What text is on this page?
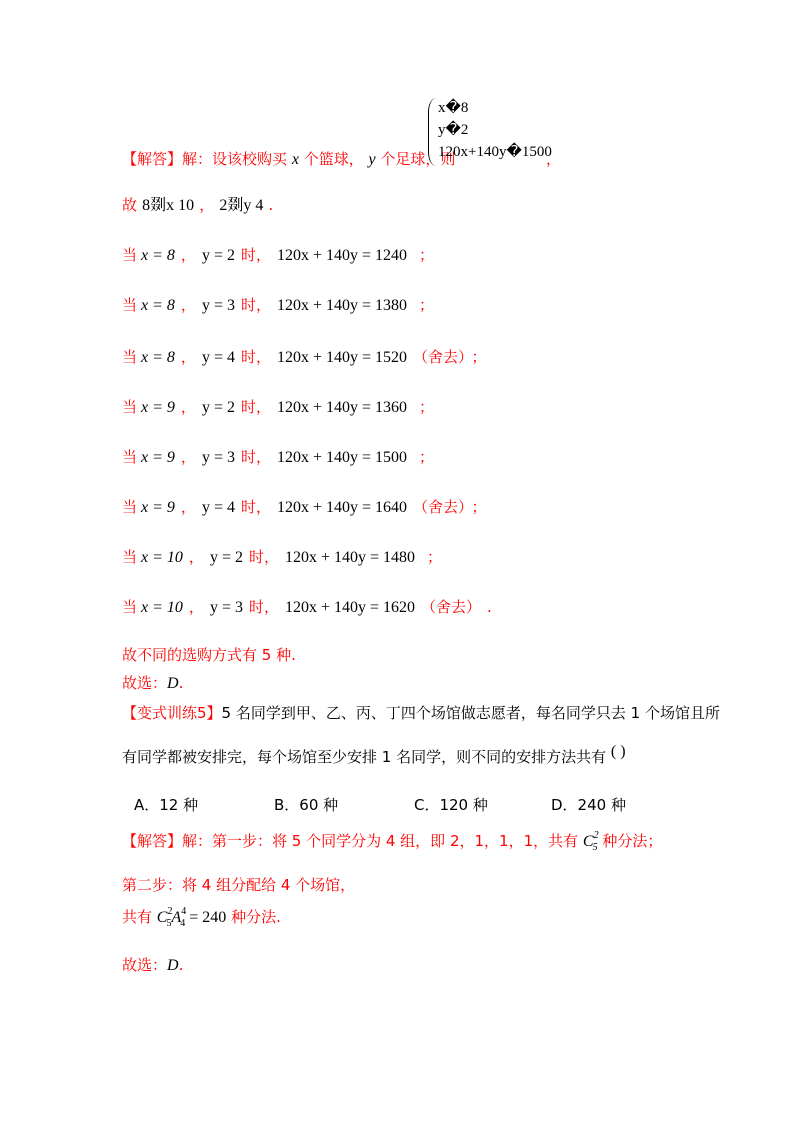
【解答】解：设该校购买 x 个篮球， y 个足球，则
x�8
y�2
120x+140y�1500
，
故 8剟x 10 ， 2剟y 4 .
当 x = 8 ， y = 2 时， 120x + 140y = 1240 ；
当 x = 8 ， y = 3 时， 120x + 140y = 1380 ；
当 x = 8 ， y = 4 时， 120x + 140y = 1520 （舍去） ；
当 x = 9 ， y = 2 时， 120x + 140y = 1360 ；
当 x = 9 ， y = 3 时， 120x + 140y = 1500 ；
当 x = 9 ， y = 4 时， 120x + 140y = 1640 （舍去） ；
当 x = 10 ， y = 2 时， 120x + 140y = 1480 ；
当 x = 10 ， y = 3 时， 120x + 140y = 1620 （舍去） .
故不同的选购方式有 5 种.
故选：D.
【变式训练5】5 名同学到甲、乙、丙、丁四个场馆做志愿者，每名同学只去 1 个场馆且所
有同学都被安排完，每个场馆至少安排 1 名同学，则不同的安排方法共有 ( )
A．12 种	B．60 种	C．120 种	D．240 种
【解答】解：第一步：将 5 个同学分为 4 组，即 2，1，1，1，共有 $C^2_5$ 种分法；
第二步：将 4 组分配给 4 个场馆，
共有 $C^2_5A^4_4 = 240$ 种分法.
故选：D.
